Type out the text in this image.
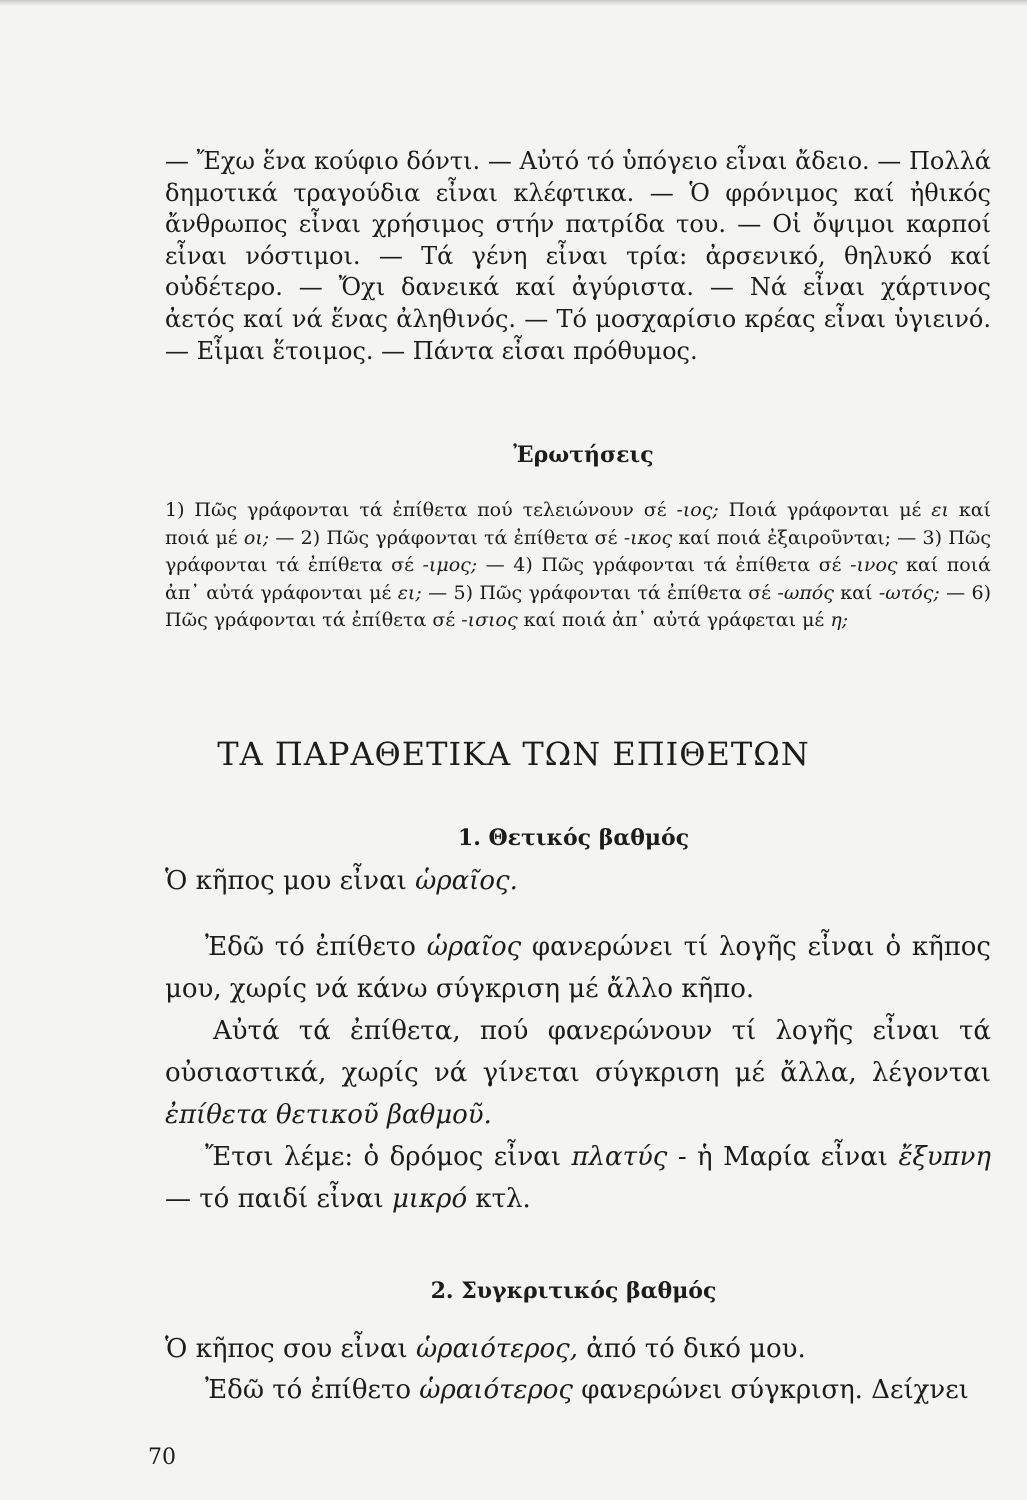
— Ἔχω ἕνα κούφιο δόντι. — Αὐτό τό ὑπόγειο εἶναι ἄδειο. — Πολλά δημοτικά τραγούδια εἶναι κλέφτικα. — Ὁ φρόνιμος καί ἠθικός ἄνθρωπος εἶναι χρήσιμος στήν πατρίδα του. — Οἱ ὄψιμοι καρποί εἶναι νόστιμοι. — Τά γένη εἶναι τρία: ἀρσενικό, θηλυκό καί οὐδέτερο. — Ὄχι δανεικά καί ἀγύριστα. — Νά εἶναι χάρτινος ἀετός καί νά ἕνας ἀληθινός. — Τό μοσχαρίσιο κρέας εἶναι ὑγιεινό. — Εἶμαι ἕτοιμος. — Πάντα εἶσαι πρόθυμος.

Ἐρωτήσεις

1) Πῶς γράφονται τά ἐπίθετα πού τελειώνουν σέ -ιος; Ποιά γράφονται μέ ει καί ποιά μέ οι; — 2) Πῶς γράφονται τά ἐπίθετα σέ -ικος καί ποιά ἐξαιροῦνται; — 3) Πῶς γράφονται τά ἐπίθετα σέ -ιμος; — 4) Πῶς γράφονται τά ἐπίθετα σέ -ινος καί ποιά ἀπ᾽ αὐτά γράφονται μέ ει; — 5) Πῶς γράφονται τά ἐπίθετα σέ -ωπός καί -ωτός; — 6) Πῶς γράφονται τά ἐπίθετα σέ -ισιος καί ποιά ἀπ᾽ αὐτά γράφεται μέ η;

ΤΑ ΠΑΡΑΘΕΤΙΚΑ ΤΩΝ ΕΠΙΘΕΤΩΝ
1. Θετικός βαθμός

Ὁ κῆπος μου εἶναι ὡραῖος.

Ἐδῶ τό ἐπίθετο ὡραῖος φανερώνει τί λογῆς εἶναι ὁ κῆπος μου, χωρίς νά κάνω σύγκριση μέ ἄλλο κῆπο.

Αὐτά τά ἐπίθετα, πού φανερώνουν τί λογῆς εἶναι τά οὐσιαστικά, χωρίς νά γίνεται σύγκριση μέ ἄλλα, λέγονται ἐπίθετα θετικοῦ βαθμοῦ.

Ἔτσι λέμε: ὁ δρόμος εἶναι πλατύς - ἡ Μαρία εἶναι ἔξυπνη — τό παιδί εἶναι μικρό κτλ.

2. Συγκριτικός βαθμός

Ὁ κῆπος σου εἶναι ὡραιότερος, ἀπό τό δικό μου.

Ἐδῶ τό ἐπίθετο ὡραιότερος φανερώνει σύγκριση. Δείχνει

70
